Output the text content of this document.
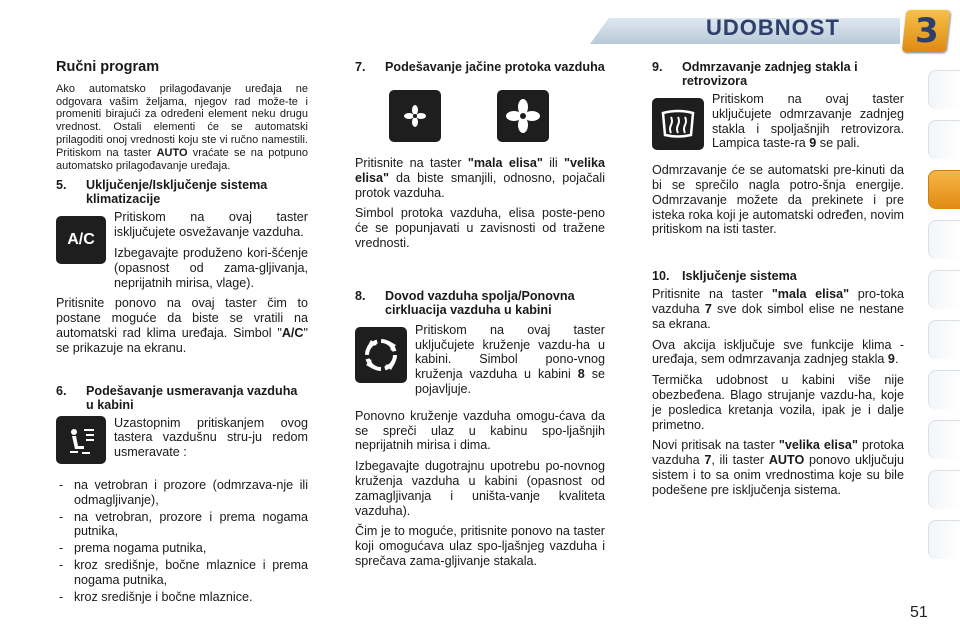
UDOBNOST 3
Ručni program

Ako automatsko prilagođavanje uređaja ne odgovara vašim željama, njegov rad može-te i promeniti birajući za određeni element neku drugu vrednost. Ostali elementi će se automatski prilagoditi onoj vrednosti koju ste vi ručno namestili. Pritiskom na taster AUTO vraćate se na potpuno automatsko prilagođavanje uređaja.

5.	Uključenje/Isključenje sistema klimatizacije
A/C

Pritiskom na ovaj taster isključujete osvežavanje vazduha.

Izbegavajte produženo kori-šćenje (opasnost od zama-gljivanja, neprijatnih mirisa, vlage).

Pritisnite ponovo na ovaj taster čim to postane moguće da biste se vratili na automatski rad klima uređaja. Simbol "A/C" se prikazuje na ekranu.

6.	Podešavanje usmeravanja vazduha u kabini

Uzastopnim pritiskanjem ovog tastera vazdušnu stru-ju redom usmeravate :

- na vetrobran i prozore (odmrzava-nje ili odmagljivanje),
- na vetrobran, prozore i prema nogama putnika,
- prema nogama putnika,
- kroz središnje, bočne mlaznice i prema nogama putnika,
- kroz središnje i bočne mlaznice.
7.	Podešavanje jačine protoka vazduha

Pritisnite na taster "mala elisa" ili "velika elisa" da biste smanjili, odnosno, pojačali protok vazduha.

Simbol protoka vazduha, elisa poste-peno će se popunjavati u zavisnosti od tražene vrednosti.

8.	Dovod vazduha spolja/Ponovna cirkluacija vazduha u kabini

Pritiskom na ovaj taster uključujete kruženje vazdu-ha u kabini. Simbol pono-vnog kruženja vazduha u kabini 8 se pojavljuje.

Ponovno kruženje vazduha omogu-ćava da se spreči ulaz u kabinu spo-ljašnjih neprijatnih mirisa i dima.

Izbegavajte dugotrajnu upotrebu po-novnog kruženja vazduha u kabini (opasnost od zamagljivanja i uništa-vanje kvaliteta vazduha).

Čim je to moguće, pritisnite ponovo na taster koji omogućava ulaz spo-ljašnjeg vazduha i sprečava zama-gljivanje stakala.

9.	Odmrzavanje zadnjeg stakla i retrovizora

Pritiskom na ovaj taster uključujete odmrzavanje zadnjeg stakla i spoljašnjih retrovizora. Lampica taste-ra 9 se pali.

Odmrzavanje će se automatski pre-kinuti da bi se sprečilo nagla potro-šnja energije. Odmrzavanje možete da prekinete i pre isteka roka koji je automatski određen, novim pritiskom na isti taster.

10. Isključenje sistema

Pritisnite na taster "mala elisa" pro-toka vazduha 7 sve dok simbol elise ne nestane sa ekrana.

Ova akcija isključuje sve funkcije klima - uređaja, sem odmrzavanja zadnjeg stakla 9.

Termička udobnost u kabini više nije obezbeđena. Blago strujanje vazdu-ha, koje je posledica kretanja vozila, ipak je i dalje primetno.

Novi pritisak na taster "velika elisa" protoka vazduha 7, ili taster AUTO ponovo uključuju sistem i to sa onim vrednostima koje su bile podešene pre isključenja sistema.

51
